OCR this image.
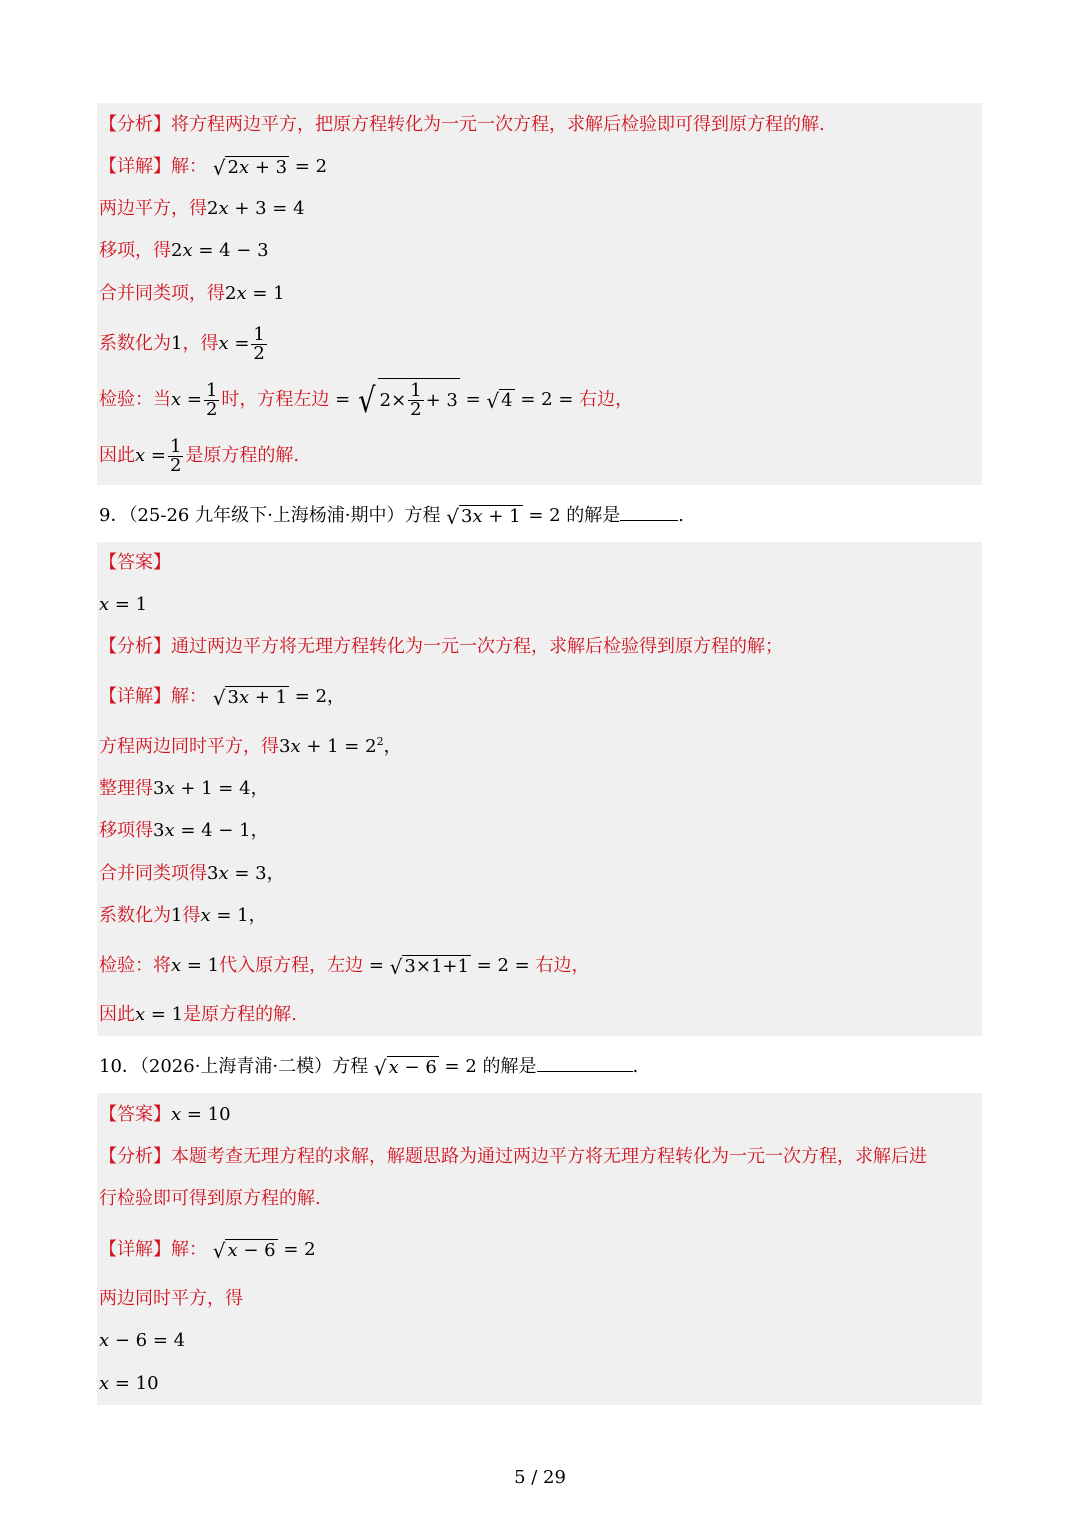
【分析】将方程两边平方，把原方程转化为一元一次方程，求解后检验即可得到原方程的解.
【详解】解： √ 2x + 3 = 2
两边平方，得2x + 3 = 4
移项，得2x = 4 − 3
合并同类项，得2x = 1
系数化为1，得$x = \frac{1}{2}$
检验：当$x = \frac{1}{2}$ 时，方程左边 = √ $2\times \frac{1}{2} + 3$ = √ 4 = 2 = 右边，
因此$x = \frac{1}{2}$ 是原方程的解.
9．（25-26 九年级下·上海杨浦·期中）方程 √ 3x + 1 = 2 的解是	.
【答案】
x = 1
【分析】通过两边平方将无理方程转化为一元一次方程，求解后检验得到原方程的解；
【详解】解： √ 3x + 1 = 2，
方程两边同时平方，得$3x + 1 = 2^2$，
整理得3x + 1 = 4，
移项得3x = 4 − 1，
合并同类项得3x = 3，
系数化为1得x = 1，
检验：将x = 1代入原方程，左边 = √ 3×1+1 = 2 = 右边，
因此x = 1是原方程的解.
10．（2026·上海青浦·二模）方程 √ x − 6 = 2 的解是	.
【答案】x = 10
【分析】本题考查无理方程的求解，解题思路为通过两边平方将无理方程转化为一元一次方程，求解后进
行检验即可得到原方程的解.
【详解】解： √ x − 6 = 2
两边同时平方，得
x − 6 = 4
x = 10
5 / 29
